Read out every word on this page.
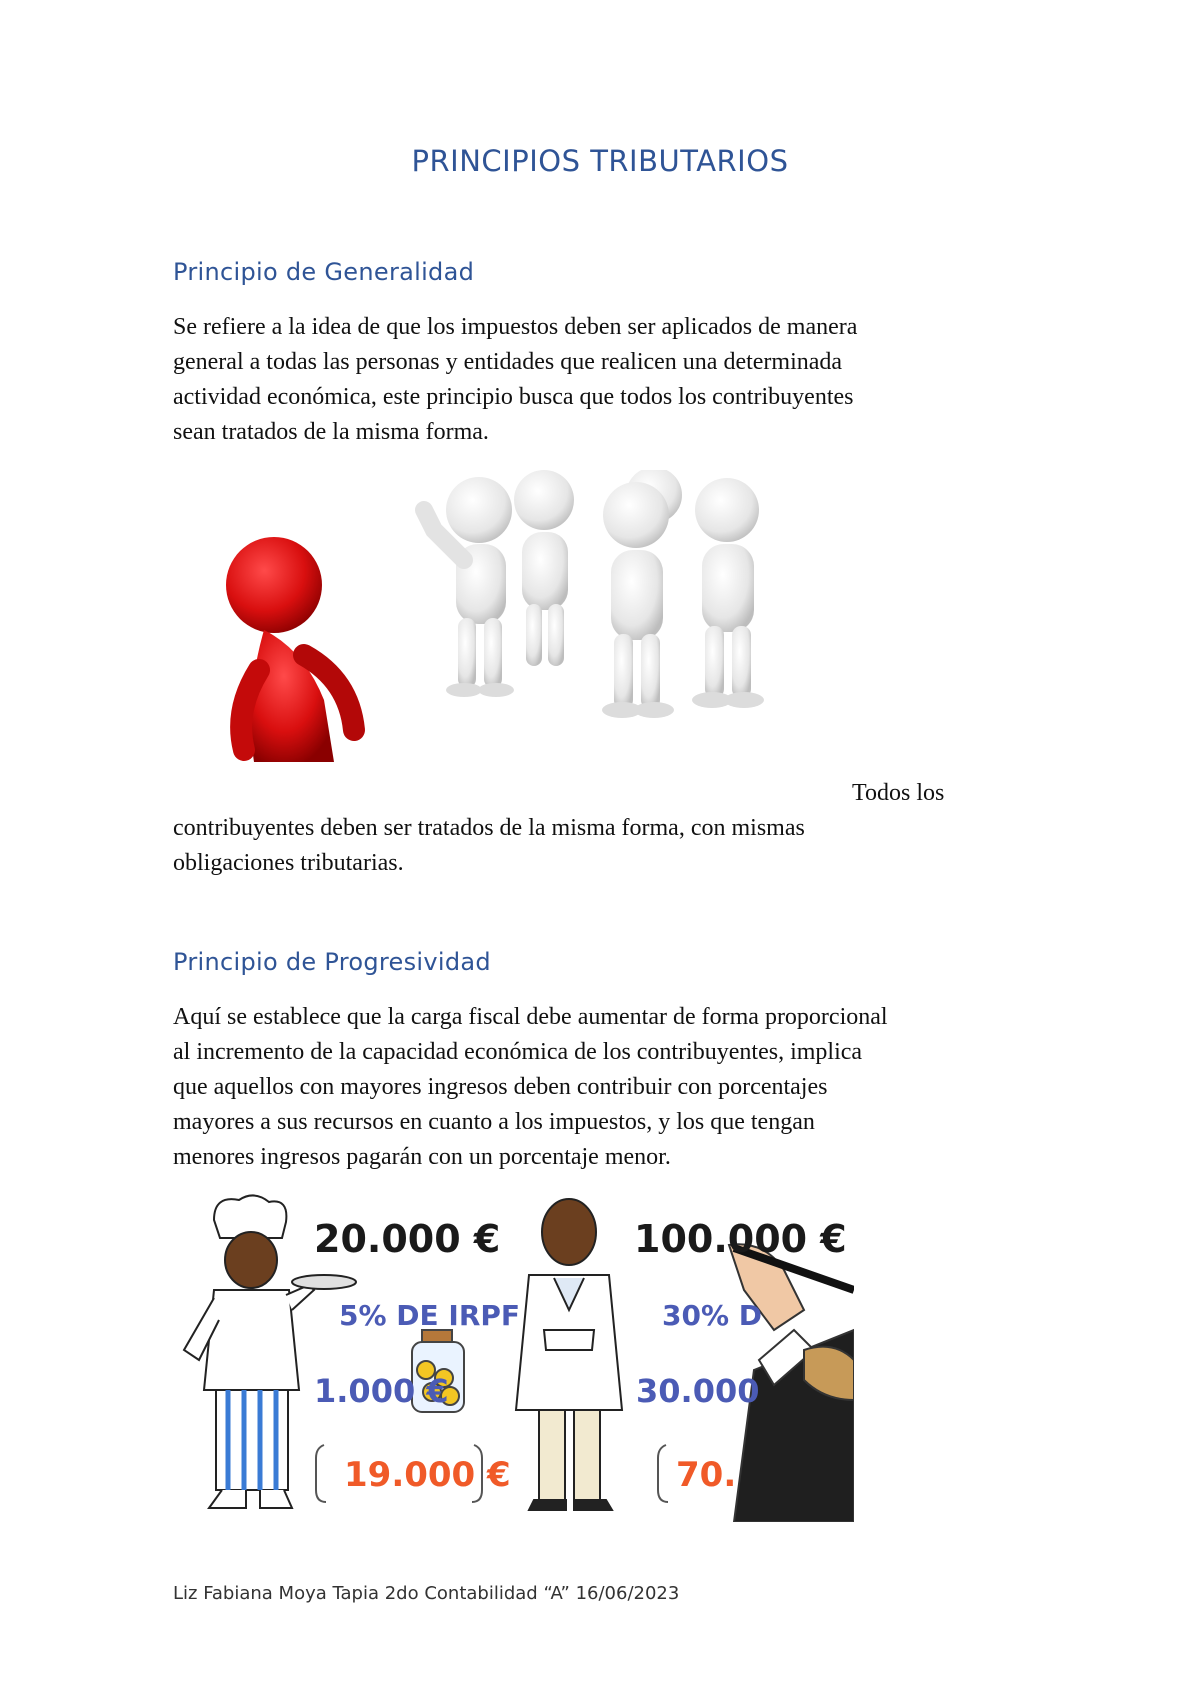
PRINCIPIOS TRIBUTARIOS
Principio de Generalidad
Se refiere a la idea de que los impuestos deben ser aplicados de manera
general a todas las personas y entidades que realicen una determinada
actividad económica, este principio busca que todos los contribuyentes
sean tratados de la misma forma.
Todos los
contribuyentes deben ser tratados de la misma forma, con mismas
obligaciones tributarias.
Principio de Progresividad
Aquí se establece que la carga fiscal debe aumentar de forma proporcional
al incremento de la capacidad económica de los contribuyentes, implica
que aquellos con mayores ingresos deben contribuir con porcentajes
mayores a sus recursos en cuanto a los impuestos, y los que tengan
menores ingresos pagarán con un porcentaje menor.
20.000 €
5% DE IRPF
1.000 €
19.000 €
100.000 €
30% D
30.000
70.
Liz Fabiana Moya Tapia 2do Contabilidad “A” 16/06/2023
